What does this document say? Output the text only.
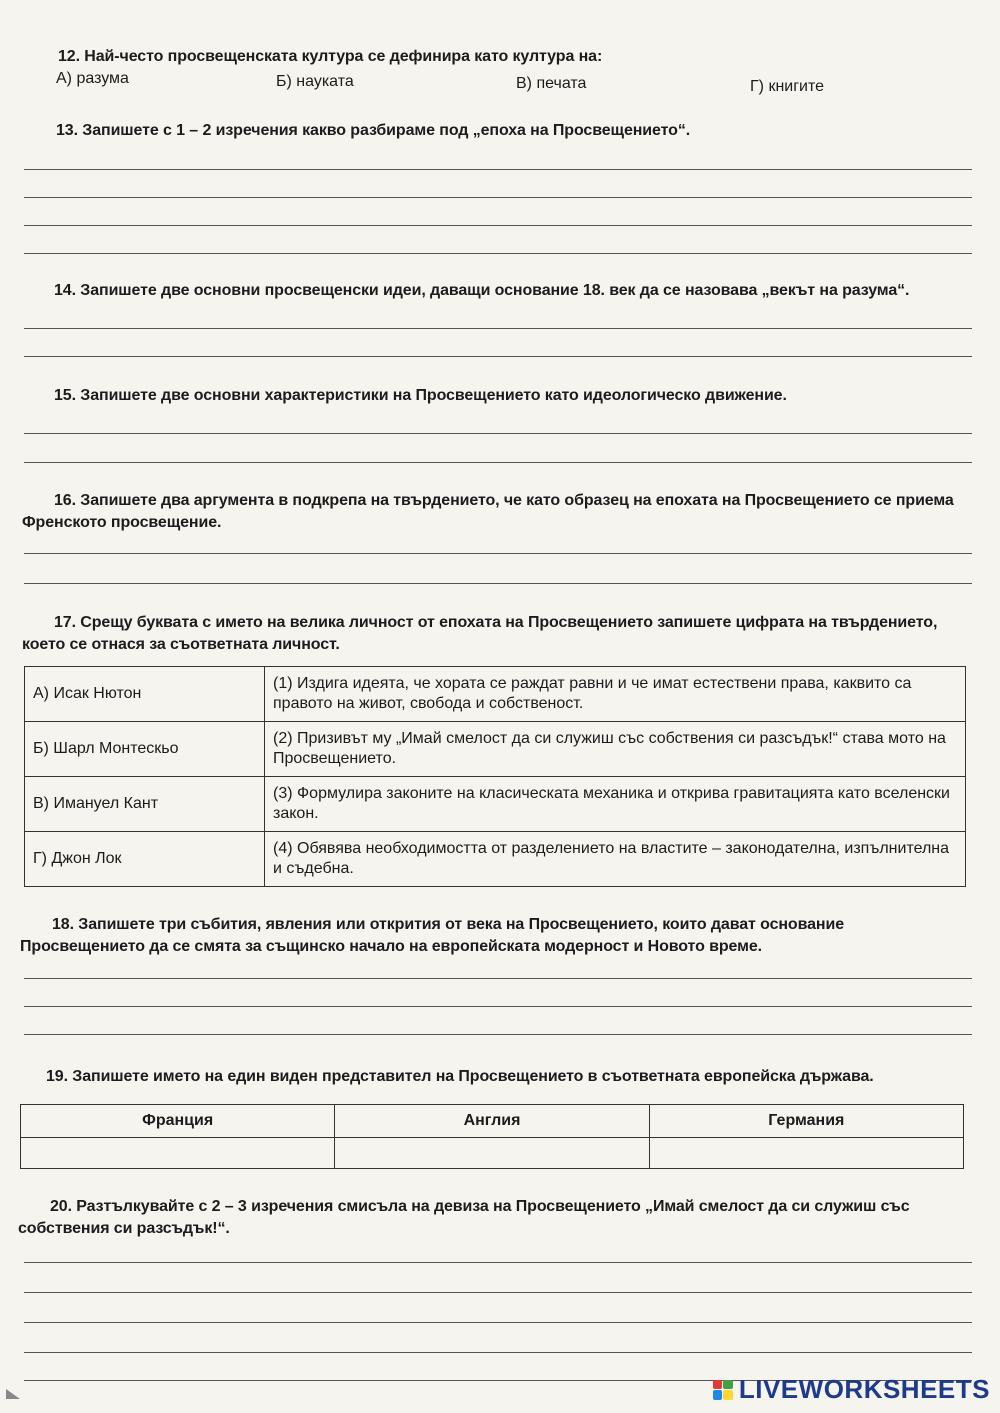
12. Най-често просвещенската култура се дефинира като култура на:
А) разума	Б) науката	В) печата	Г) книгите
13. Запишете с 1 – 2 изречения какво разбираме под „епоха на Просвещението“.
14. Запишете две основни просвещенски идеи, даващи основание 18. век да се назовава „векът на разума“.
15. Запишете две основни характеристики на Просвещението като идеологическо движение.
16. Запишете два аргумента в подкрепа на твърдението, че като образец на епохата на Просвещението се приема Френското просвещение.
17. Срещу буквата с името на велика личност от епохата на Просвещението запишете цифрата на твърдението, което се отнася за съответната личност.
А) Исак Нютон	(1) Издига идеята, че хората се раждат равни и че имат естествени права, каквито са правото на живот, свобода и собственост.
Б) Шарл Монтескьо	(2) Призивът му „Имай смелост да си служиш със собствения си разсъдък!“ става мото на Просвещението.
В) Имануел Кант	(3) Формулира законите на класическата механика и открива гравитацията като вселенски закон.
Г) Джон Лок	(4) Обявява необходимостта от разделението на властите – законодателна, изпълнителна и съдебна.
18. Запишете три събития, явления или открития от века на Просвещението, които дават основание Просвещението да се смята за същинско начало на европейската модерност и Новото време.
19. Запишете името на един виден представител на Просвещението в съответната европейска държава.
Франция	Англия	Германия

20. Разтълкувайте с 2 – 3 изречения смисъла на девиза на Просвещението „Имай смелост да си служиш със собствения си разсъдък!“.
LIVEWORKSHEETS
